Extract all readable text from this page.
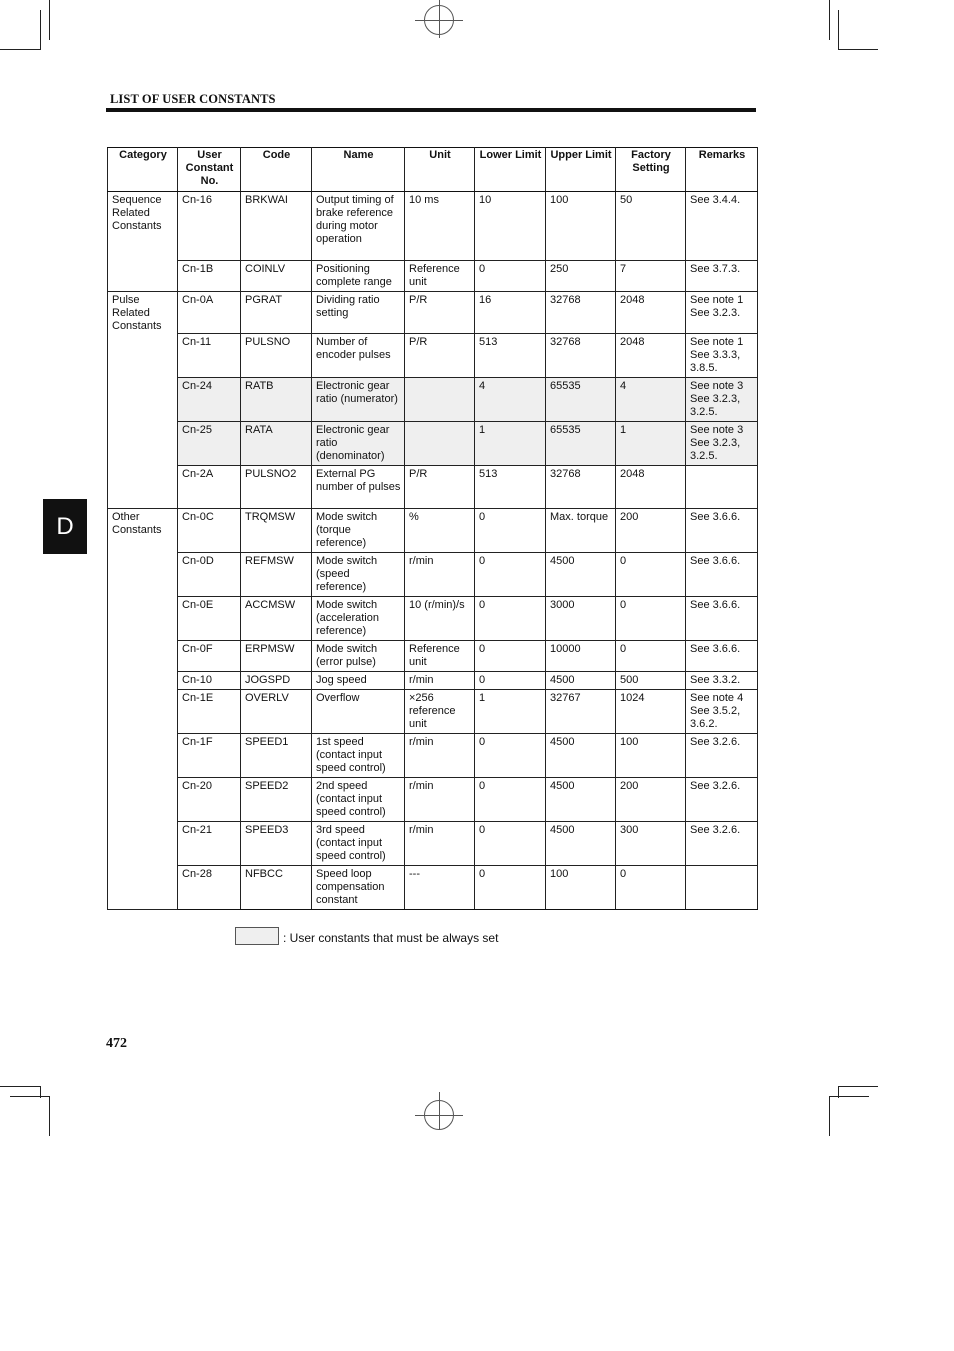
LIST OF USER CONSTANTS
Category	User Constant No.	Code	Name	Unit	Lower Limit	Upper Limit	Factory Setting	Remarks
Sequence Related Constants	Cn-16	BRKWAI	Output timing of brake reference during motor operation	10 ms	10	100	50	See 3.4.4.
	Cn-1B	COINLV	Positioning complete range	Reference unit	0	250	7	See 3.7.3.
Pulse Related Constants	Cn-0A	PGRAT	Dividing ratio setting	P/R	16	32768	2048	See note 1 See 3.2.3.
	Cn-11	PULSNO	Number of encoder pulses	P/R	513	32768	2048	See note 1 See 3.3.3, 3.8.5.
	Cn-24	RATB	Electronic gear ratio (numerator)		4	65535	4	See note 3 See 3.2.3, 3.2.5.
	Cn-25	RATA	Electronic gear ratio (denominator)		1	65535	1	See note 3 See 3.2.3, 3.2.5.
	Cn-2A	PULSNO2	External PG number of pulses	P/R	513	32768	2048	
Other Constants	Cn-0C	TRQMSW	Mode switch (torque reference)	%	0	Max. torque	200	See 3.6.6.
	Cn-0D	REFMSW	Mode switch (speed reference)	r/min	0	4500	0	See 3.6.6.
	Cn-0E	ACCMSW	Mode switch (acceleration reference)	10 (r/min)/s	0	3000	0	See 3.6.6.
	Cn-0F	ERPMSW	Mode switch (error pulse)	Reference unit	0	10000	0	See 3.6.6.
	Cn-10	JOGSPD	Jog speed	r/min	0	4500	500	See 3.3.2.
	Cn-1E	OVERLV	Overflow	×256 reference unit	1	32767	1024	See note 4 See 3.5.2, 3.6.2.
	Cn-1F	SPEED1	1st speed (contact input speed control)	r/min	0	4500	100	See 3.2.6.
	Cn-20	SPEED2	2nd speed (contact input speed control)	r/min	0	4500	200	See 3.2.6.
	Cn-21	SPEED3	3rd speed (contact input speed control)	r/min	0	4500	300	See 3.2.6.
	Cn-28	NFBCC	Speed loop compensation constant	---	0	100	0	
D
: User constants that must be always set
472
